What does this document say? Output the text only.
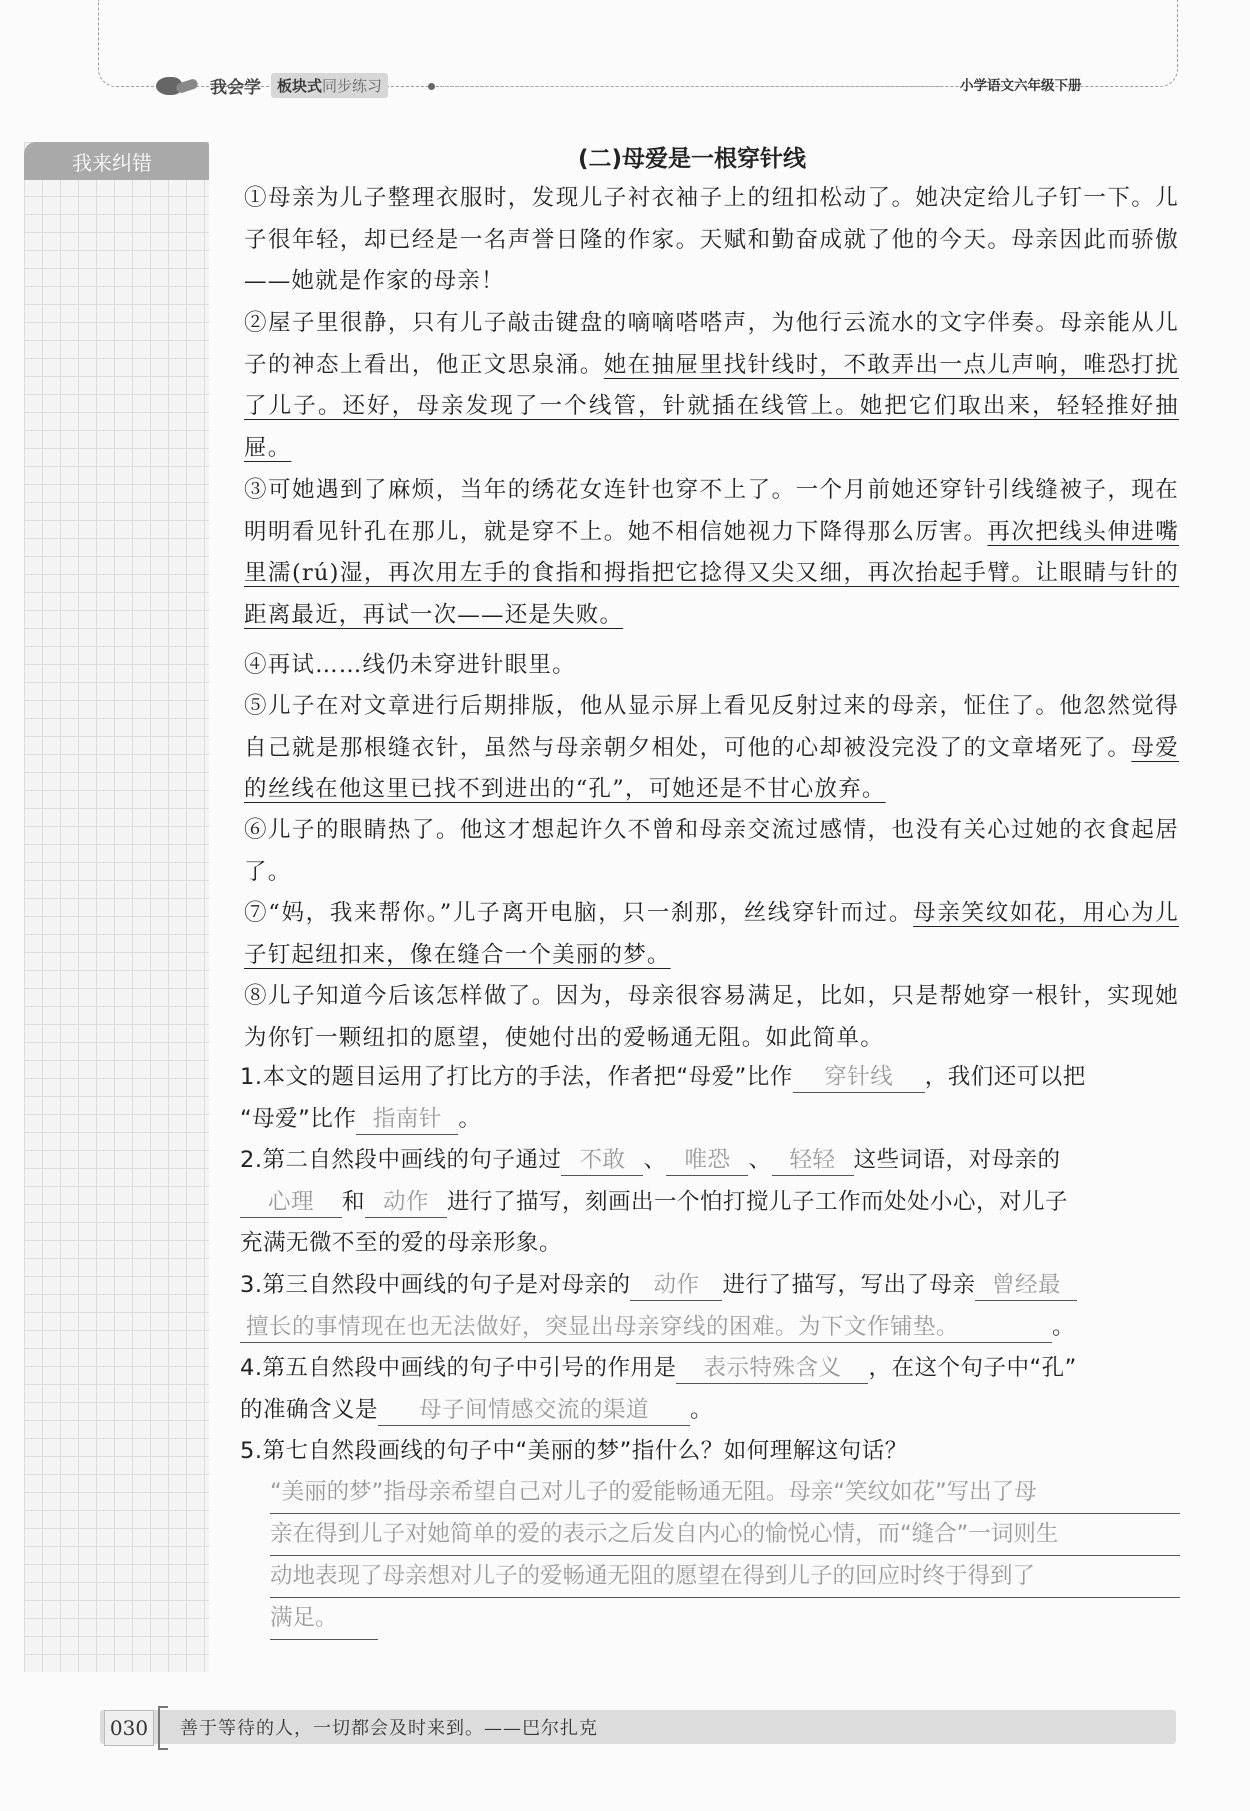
我会学	板块式同步练习	小学语文六年级下册
我来纠错	(二)母爱是一根穿针线
①母亲为儿子整理衣服时，发现儿子衬衣袖子上的纽扣松动了。她决定给儿子钉一下。儿子很年轻，却已经是一名声誉日隆的作家。天赋和勤奋成就了他的今天。母亲因此而骄傲——她就是作家的母亲！
②屋子里很静，只有儿子敲击键盘的嘀嘀嗒嗒声，为他行云流水的文字伴奏。母亲能从儿子的神态上看出，他正文思泉涌。她在抽屉里找针线时，不敢弄出一点儿声响，唯恐打扰了儿子。还好，母亲发现了一个线管，针就插在线管上。她把它们取出来，轻轻推好抽屉。
③可她遇到了麻烦，当年的绣花女连针也穿不上了。一个月前她还穿针引线缝被子，现在明明看见针孔在那儿，就是穿不上。她不相信她视力下降得那么厉害。再次把线头伸进嘴里濡(rú)湿，再次用左手的食指和拇指把它捻得又尖又细，再次抬起手臂。让眼睛与针的距离最近，再试一次——还是失败。
④再试……线仍未穿进针眼里。
⑤儿子在对文章进行后期排版，他从显示屏上看见反射过来的母亲，怔住了。他忽然觉得自己就是那根缝衣针，虽然与母亲朝夕相处，可他的心却被没完没了的文章堵死了。母爱的丝线在他这里已找不到进出的“孔”，可她还是不甘心放弃。
⑥儿子的眼睛热了。他这才想起许久不曾和母亲交流过感情，也没有关心过她的衣食起居了。
⑦“妈，我来帮你。”儿子离开电脑，只一刹那，丝线穿针而过。母亲笑纹如花，用心为儿子钉起纽扣来，像在缝合一个美丽的梦。
⑧儿子知道今后该怎样做了。因为，母亲很容易满足，比如，只是帮她穿一根针，实现她为你钉一颗纽扣的愿望，使她付出的爱畅通无阻。如此简单。
1.本文的题目运用了打比方的手法，作者把“母爱”比作 穿针线 ，我们还可以把
“母爱”比作 指南针 。
2.第二自然段中画线的句子通过 不敢 、 唯恐 、 轻轻 这些词语，对母亲的
心理 和 动作 进行了描写，刻画出一个怕打搅儿子工作而处处小心，对儿子
充满无微不至的爱的母亲形象。
3.第三自然段中画线的句子是对母亲的 动作 进行了描写，写出了母亲 曾经最
擅长的事情现在也无法做好，突显出母亲穿线的困难。为下文作铺垫。	。
4.第五自然段中画线的句子中引号的作用是 表示特殊含义 ，在这个句子中“孔”
的准确含义是 母子间情感交流的渠道 。
5.第七自然段画线的句子中“美丽的梦”指什么？如何理解这句话？
“美丽的梦”指母亲希望自己对儿子的爱能畅通无阻。母亲“笑纹如花”写出了母
亲在得到儿子对她简单的爱的表示之后发自内心的愉悦心情，而“缝合”一词则生
动地表现了母亲想对儿子的爱畅通无阻的愿望在得到儿子的回应时终于得到了
满足。
030	善于等待的人，一切都会及时来到。——巴尔扎克
